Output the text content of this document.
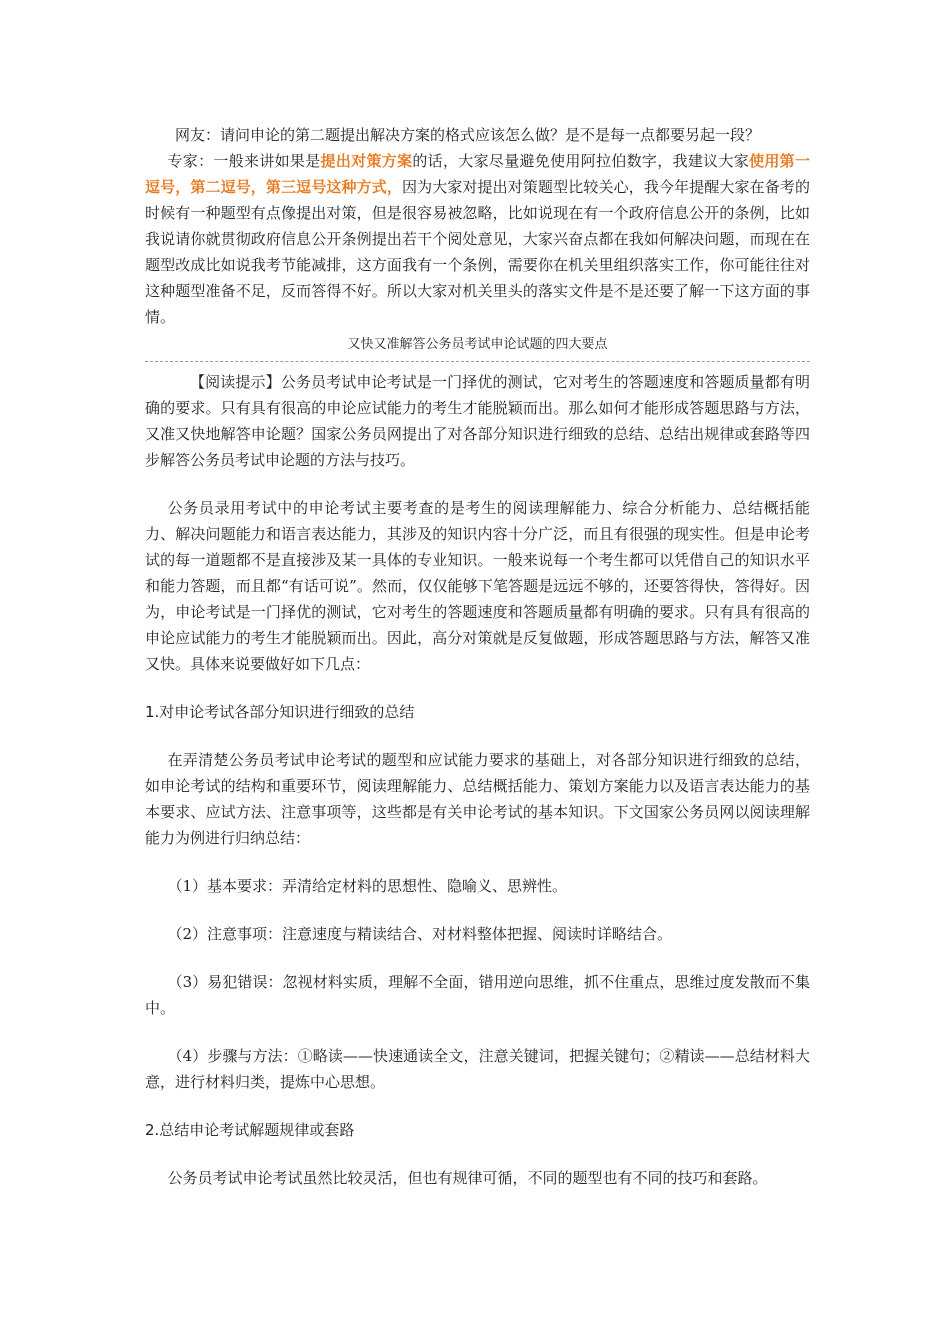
网友：请问申论的第二题提出解决方案的格式应该怎么做？是不是每一点都要另起一段？

专家：一般来讲如果是提出对策方案的话，大家尽量避免使用阿拉伯数字，我建议大家使用第一逗号，第二逗号，第三逗号这种方式，因为大家对提出对策题型比较关心，我今年提醒大家在备考的时候有一种题型有点像提出对策，但是很容易被忽略，比如说现在有一个政府信息公开的条例，比如我说请你就贯彻政府信息公开条例提出若干个阅处意见，大家兴奋点都在我如何解决问题，而现在在题型改成比如说我考节能减排，这方面我有一个条例，需要你在机关里组织落实工作，你可能往往对这种题型准备不足，反而答得不好。所以大家对机关里头的落实文件是不是还要了解一下这方面的事情。

又快又准解答公务员考试申论试题的四大要点

【阅读提示】公务员考试申论考试是一门择优的测试，它对考生的答题速度和答题质量都有明确的要求。只有具有很高的申论应试能力的考生才能脱颖而出。那么如何才能形成答题思路与方法，又准又快地解答申论题？国家公务员网提出了对各部分知识进行细致的总结、总结出规律或套路等四步解答公务员考试申论题的方法与技巧。

公务员录用考试中的申论考试主要考查的是考生的阅读理解能力、综合分析能力、总结概括能力、解决问题能力和语言表达能力，其涉及的知识内容十分广泛，而且有很强的现实性。但是申论考试的每一道题都不是直接涉及某一具体的专业知识。一般来说每一个考生都可以凭借自己的知识水平和能力答题，而且都“有话可说”。然而，仅仅能够下笔答题是远远不够的，还要答得快，答得好。因为，申论考试是一门择优的测试，它对考生的答题速度和答题质量都有明确的要求。只有具有很高的申论应试能力的考生才能脱颖而出。因此，高分对策就是反复做题，形成答题思路与方法，解答又准又快。具体来说要做好如下几点：

1.对申论考试各部分知识进行细致的总结

在弄清楚公务员考试申论考试的题型和应试能力要求的基础上，对各部分知识进行细致的总结，如申论考试的结构和重要环节，阅读理解能力、总结概括能力、策划方案能力以及语言表达能力的基本要求、应试方法、注意事项等，这些都是有关申论考试的基本知识。下文国家公务员网以阅读理解能力为例进行归纳总结：

（1）基本要求：弄清给定材料的思想性、隐喻义、思辨性。

（2）注意事项：注意速度与精读结合、对材料整体把握、阅读时详略结合。

（3）易犯错误：忽视材料实质，理解不全面，错用逆向思维，抓不住重点，思维过度发散而不集中。

（4）步骤与方法：①略读——快速通读全文，注意关键词，把握关键句；②精读——总结材料大意，进行材料归类，提炼中心思想。

2.总结申论考试解题规律或套路

公务员考试申论考试虽然比较灵活，但也有规律可循，不同的题型也有不同的技巧和套路。
